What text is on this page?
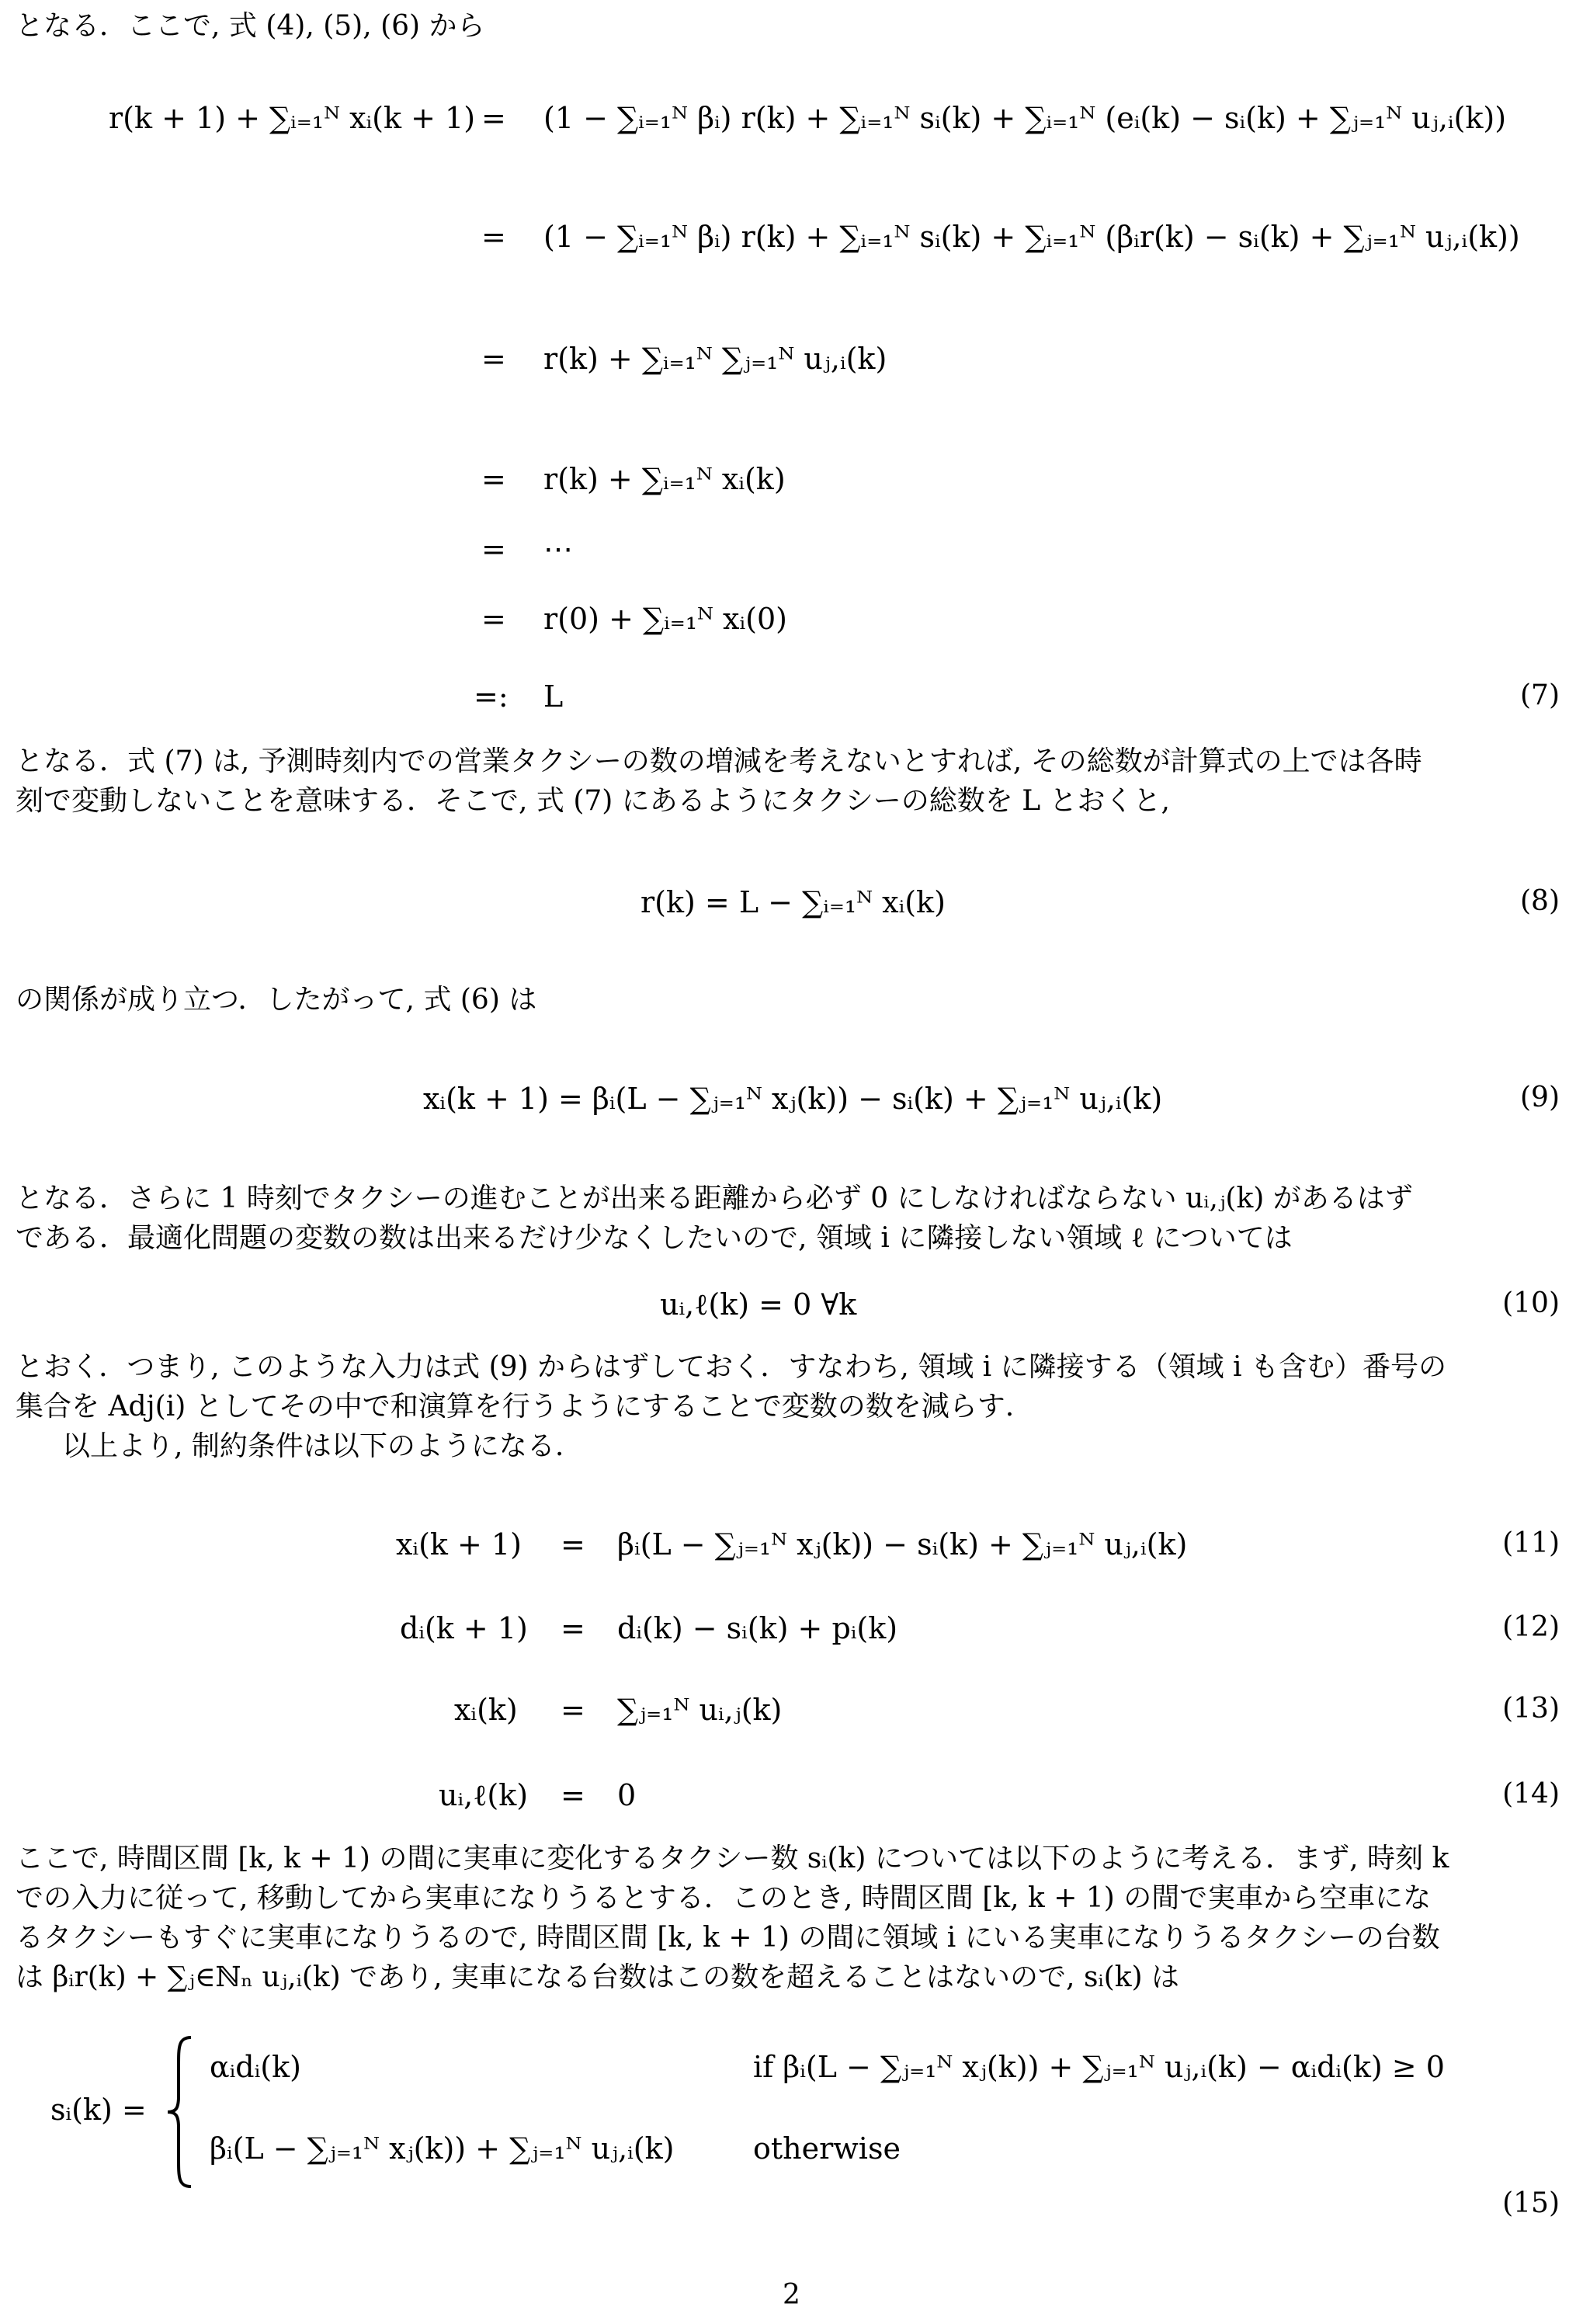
となる．ここで, 式 (4), (5), (6) から
r(k + 1) + ∑ᵢ₌₁ᴺ xᵢ(k + 1) = (1 − ∑ᵢ₌₁ᴺ βᵢ) r(k) + ∑ᵢ₌₁ᴺ sᵢ(k) + ∑ᵢ₌₁ᴺ (eᵢ(k) − sᵢ(k) + ∑ⱼ₌₁ᴺ uⱼ,ᵢ(k))
= (1 − ∑ᵢ₌₁ᴺ βᵢ) r(k) + ∑ᵢ₌₁ᴺ sᵢ(k) + ∑ᵢ₌₁ᴺ (βᵢr(k) − sᵢ(k) + ∑ⱼ₌₁ᴺ uⱼ,ᵢ(k))
= r(k) + ∑ᵢ₌₁ᴺ ∑ⱼ₌₁ᴺ uⱼ,ᵢ(k)
= r(k) + ∑ᵢ₌₁ᴺ xᵢ(k)
= ⋯
= r(0) + ∑ᵢ₌₁ᴺ xᵢ(0)
=: L	(7)
となる．式 (7) は, 予測時刻内での営業タクシーの数の増減を考えないとすれば, その総数が計算式の上では各時
刻で変動しないことを意味する．そこで, 式 (7) にあるようにタクシーの総数を L とおくと,
r(k) = L − ∑ᵢ₌₁ᴺ xᵢ(k)	(8)
の関係が成り立つ．したがって, 式 (6) は
xᵢ(k + 1) = βᵢ(L − ∑ⱼ₌₁ᴺ xⱼ(k)) − sᵢ(k) + ∑ⱼ₌₁ᴺ uⱼ,ᵢ(k)	(9)
となる．さらに 1 時刻でタクシーの進むことが出来る距離から必ず 0 にしなければならない uᵢ,ⱼ(k) があるはず
である．最適化問題の変数の数は出来るだけ少なくしたいので, 領域 i に隣接しない領域 ℓ については
uᵢ,ℓ(k) = 0 ∀k	(10)
とおく．つまり, このような入力は式 (9) からはずしておく．すなわち, 領域 i に隣接する（領域 i も含む）番号の
集合を Adj(i) としてその中で和演算を行うようにすることで変数の数を減らす.
以上より, 制約条件は以下のようになる.
xᵢ(k + 1) = βᵢ(L − ∑ⱼ₌₁ᴺ xⱼ(k)) − sᵢ(k) + ∑ⱼ₌₁ᴺ uⱼ,ᵢ(k)	(11)
dᵢ(k + 1) = dᵢ(k) − sᵢ(k) + pᵢ(k)	(12)
xᵢ(k) = ∑ⱼ₌₁ᴺ uᵢ,ⱼ(k)	(13)
uᵢ,ℓ(k) = 0	(14)
ここで, 時間区間 [k, k + 1) の間に実車に変化するタクシー数 sᵢ(k) については以下のように考える．まず, 時刻 k
での入力に従って, 移動してから実車になりうるとする．このとき, 時間区間 [k, k + 1) の間で実車から空車にな
るタクシーもすぐに実車になりうるので, 時間区間 [k, k + 1) の間に領域 i にいる実車になりうるタクシーの台数
は βᵢr(k) + ∑ⱼ∈ℕₙ uⱼ,ᵢ(k) であり, 実車になる台数はこの数を超えることはないので, sᵢ(k) は
sᵢ(k) =
αᵢdᵢ(k)	if βᵢ(L − ∑ⱼ₌₁ᴺ xⱼ(k)) + ∑ⱼ₌₁ᴺ uⱼ,ᵢ(k) − αᵢdᵢ(k) ≥ 0
βᵢ(L − ∑ⱼ₌₁ᴺ xⱼ(k)) + ∑ⱼ₌₁ᴺ uⱼ,ᵢ(k)	otherwise
(15)
2
